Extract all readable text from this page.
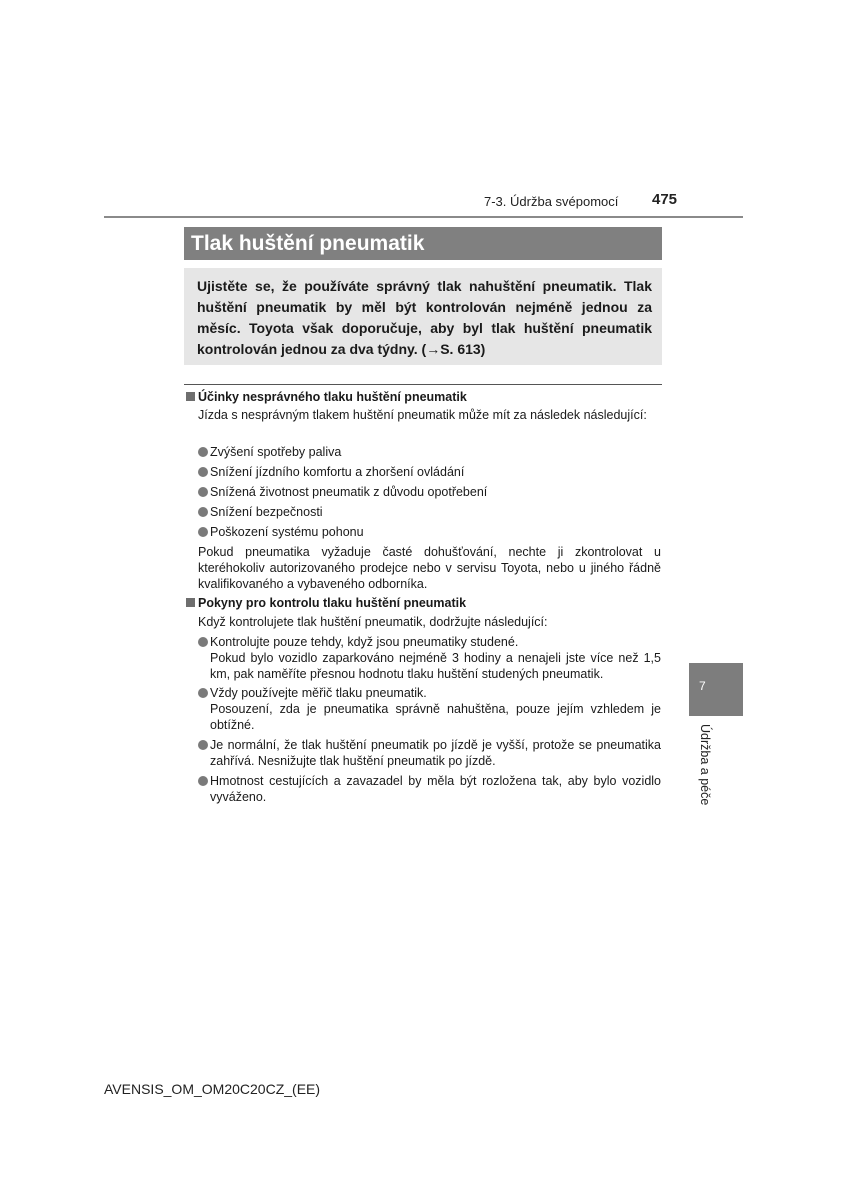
7-3. Údržba svépomocí 475
Tlak huštění pneumatik
Ujistěte se, že používáte správný tlak nahuštění pneumatik. Tlak huštění pneumatik by měl být kontrolován nejméně jednou za měsíc. Toyota však doporučuje, aby byl tlak huštění pneumatik kontrolován jednou za dva týdny. (→S. 613)
Účinky nesprávného tlaku huštění pneumatik
Jízda s nesprávným tlakem huštění pneumatik může mít za následek následující:
Zvýšení spotřeby paliva
Snížení jízdního komfortu a zhoršení ovládání
Snížená životnost pneumatik z důvodu opotřebení
Snížení bezpečnosti
Poškození systému pohonu
Pokud pneumatika vyžaduje časté dohušťování, nechte ji zkontrolovat u kteréhokoliv autorizovaného prodejce nebo v servisu Toyota, nebo u jiného řádně kvalifikovaného a vybaveného odborníka.
Pokyny pro kontrolu tlaku huštění pneumatik
Když kontrolujete tlak huštění pneumatik, dodržujte následující:
Kontrolujte pouze tehdy, když jsou pneumatiky studené.
Pokud bylo vozidlo zaparkováno nejméně 3 hodiny a nenajeli jste více než 1,5 km, pak naměříte přesnou hodnotu tlaku huštění studených pneumatik.
Vždy používejte měřič tlaku pneumatik.
Posouzení, zda je pneumatika správně nahuštěna, pouze jejím vzhledem je obtížné.
Je normální, že tlak huštění pneumatik po jízdě je vyšší, protože se pneumatika zahřívá. Nesnižujte tlak huštění pneumatik po jízdě.
Hmotnost cestujících a zavazadel by měla být rozložena tak, aby bylo vozidlo vyváženo.
7
Údržba a péče
AVENSIS_OM_OM20C20CZ_(EE)
